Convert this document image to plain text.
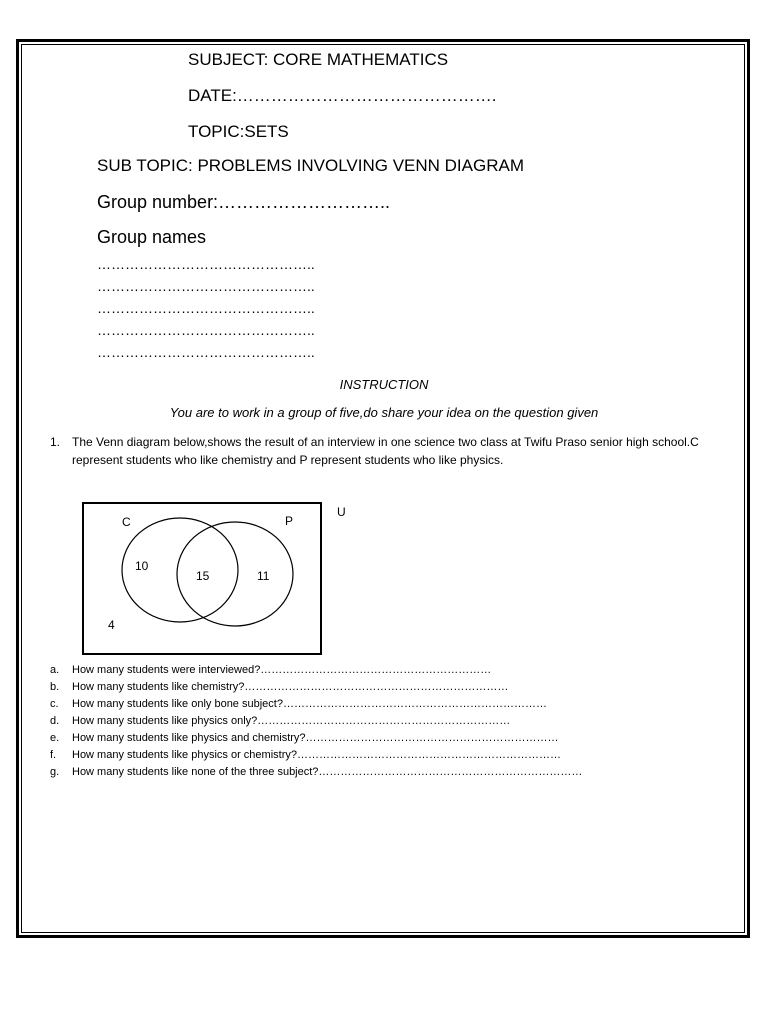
SUBJECT: CORE MATHEMATICS
DATE:……………………………………….
TOPIC:SETS
SUB TOPIC: PROBLEMS INVOLVING VENN DIAGRAM
Group number:………………………..
Group names
………………………………………..
………………………………………..
………………………………………..
………………………………………..
………………………………………..
INSTRUCTION
You are to work in a group of five,do share your idea on the question given
1. The Venn diagram below,shows the result of an interview in one science two class at Twifu Praso senior high school.C
represent students who like chemistry and P represent students who like physics.
C	P
U
10
15	11
4
a. How many students were interviewed?………………………………………………………
b. How many students like chemistry?………………………………………………………………
c. How many students like only bone subject?………………………………………………………………
d. How many students like physics only?……………………………………………………………
e. How many students like physics and chemistry?……………………………………………………………
f. How many students like physics or chemistry?………………………………………………………………
g. How many students like none of the three subject?………………………………………………………………
